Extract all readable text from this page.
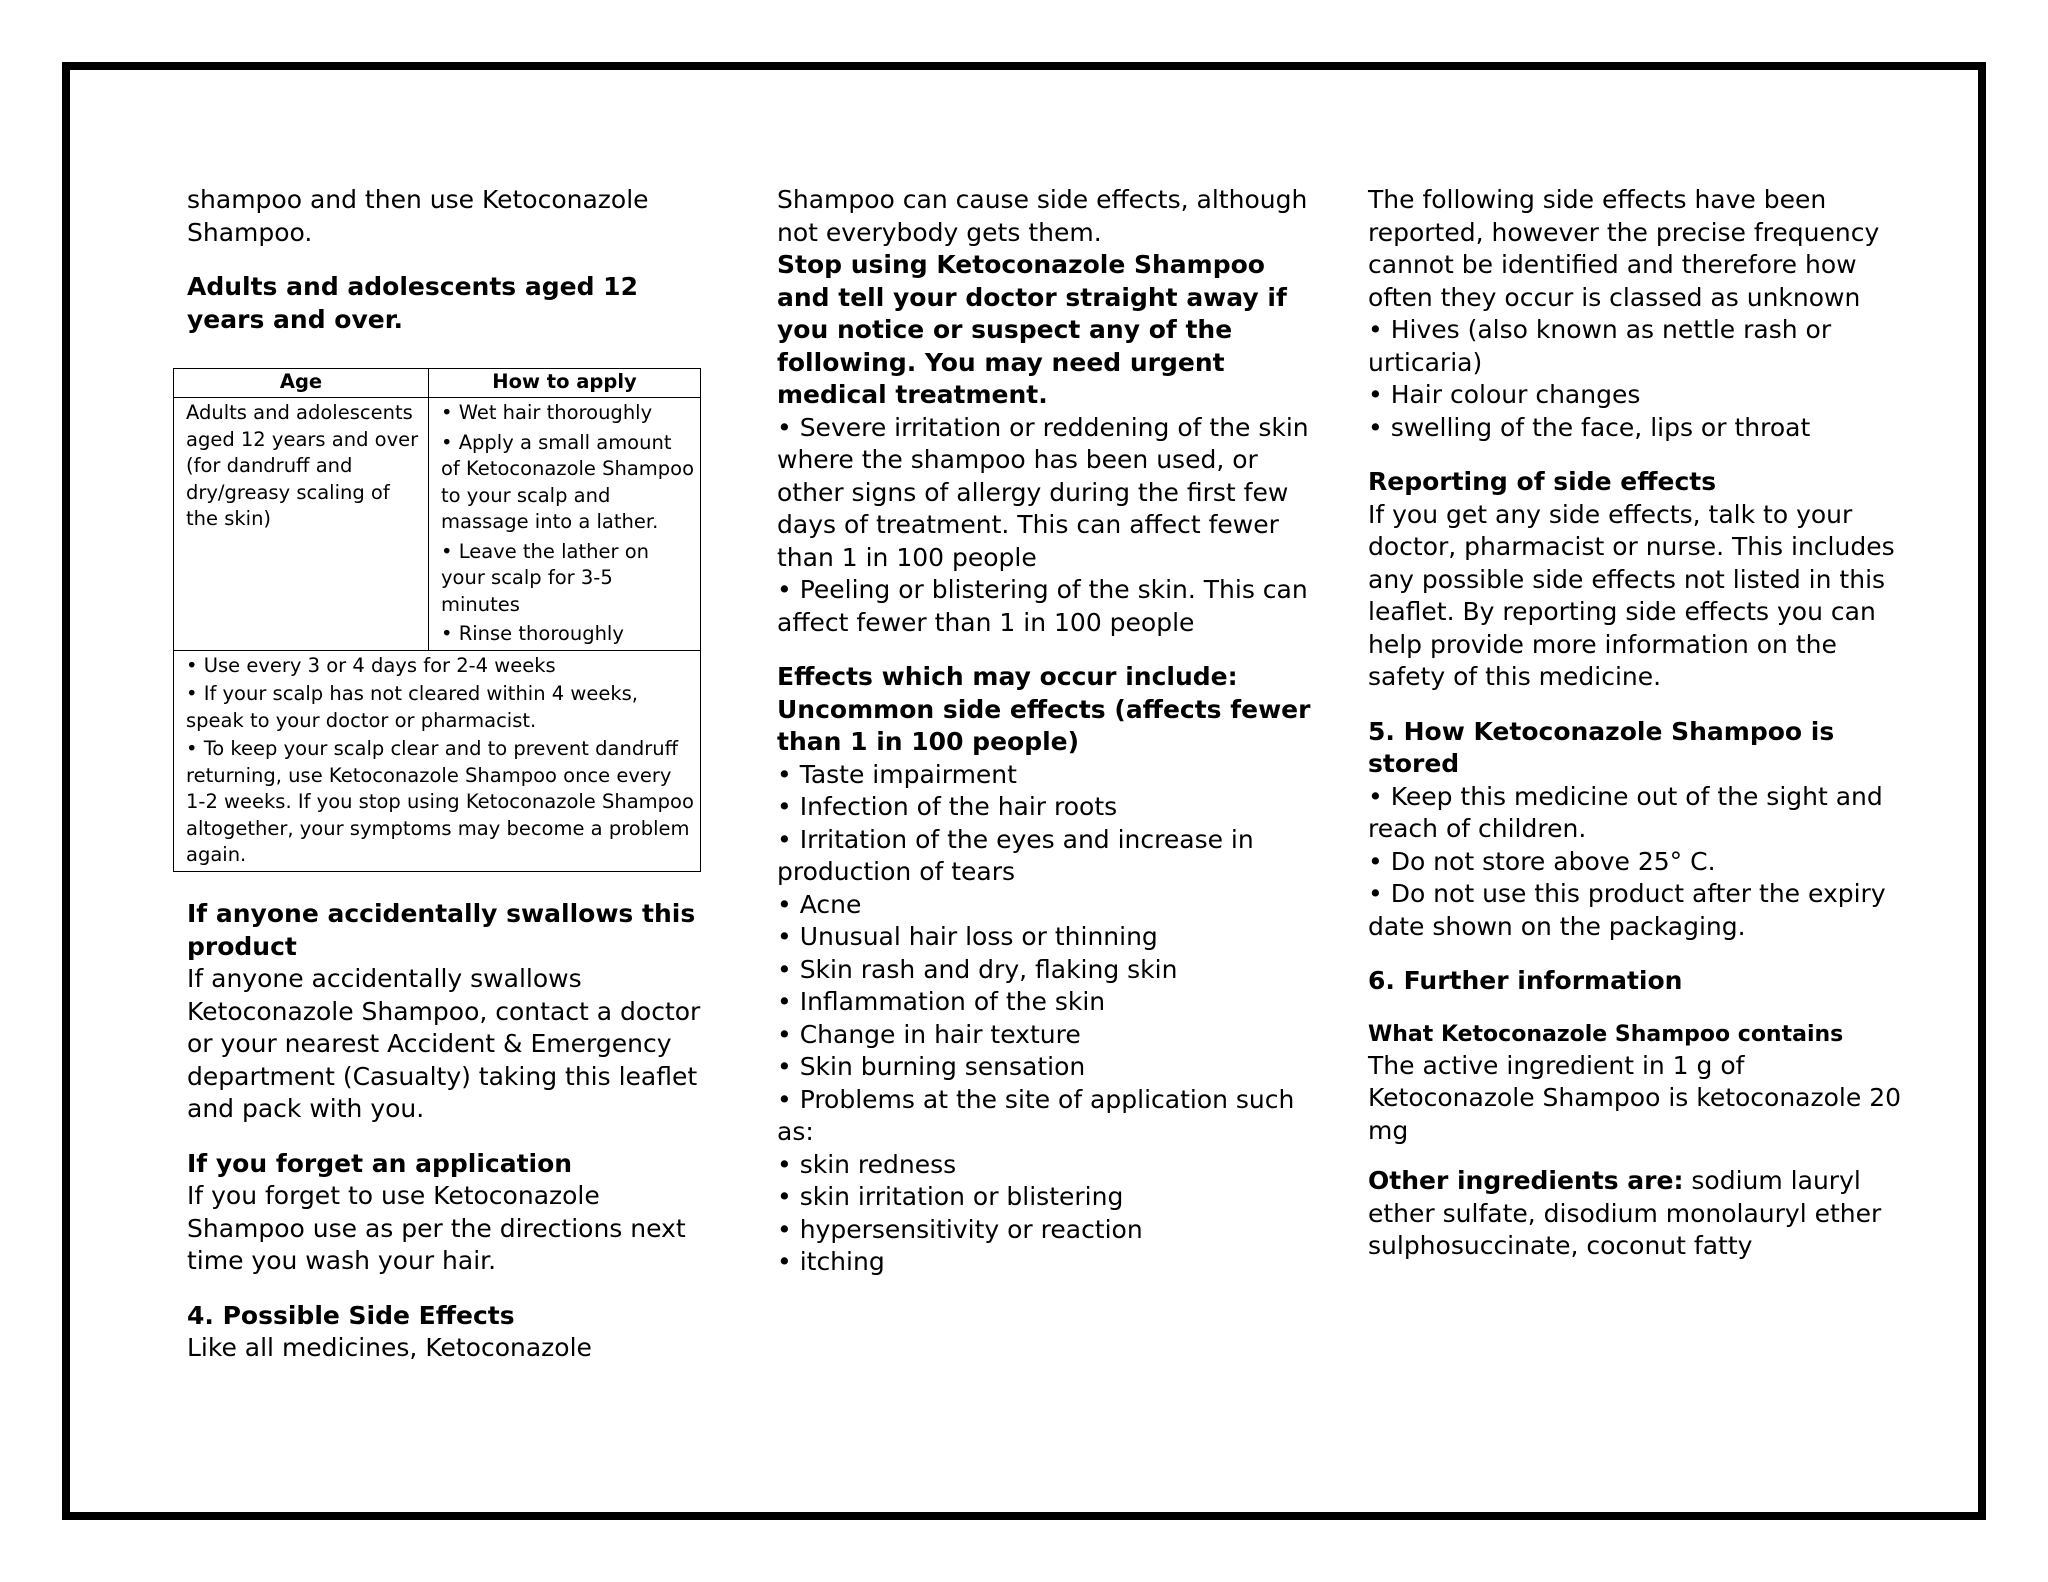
shampoo and then use Ketoconazole Shampoo.

Adults and adolescents aged 12 years and over.

Age	How to apply
Adults and adolescents aged 12 years and over (for dandruff and dry/greasy scaling of the skin)	• Wet hair thoroughly
• Apply a small amount of Ketoconazole Shampoo to your scalp and massage into a lather.
• Leave the lather on your scalp for 3-5 minutes
• Rinse thoroughly

• Use every 3 or 4 days for 2-4 weeks
• If your scalp has not cleared within 4 weeks, speak to your doctor or pharmacist.
• To keep your scalp clear and to prevent dandruff returning, use Ketoconazole Shampoo once every 1-2 weeks. If you stop using Ketoconazole Shampoo altogether, your symptoms may become a problem again.	

If anyone accidentally swallows this product

If anyone accidentally swallows Ketoconazole Shampoo, contact a doctor or your nearest Accident & Emergency department (Casualty) taking this leaflet and pack with you.

If you forget an application

If you forget to use Ketoconazole Shampoo use as per the directions next time you wash your hair.

4. Possible Side Effects

Like all medicines, Ketoconazole

Shampoo can cause side effects, although not everybody gets them.

Stop using Ketoconazole Shampoo and tell your doctor straight away if you notice or suspect any of the following. You may need urgent medical treatment.

• Severe irritation or reddening of the skin where the shampoo has been used, or other signs of allergy during the first few days of treatment. This can affect fewer than 1 in 100 people

• Peeling or blistering of the skin. This can affect fewer than 1 in 100 people

Effects which may occur include:

Uncommon side effects (affects fewer than 1 in 100 people)

• Taste impairment

• Infection of the hair roots

• Irritation of the eyes and increase in production of tears

• Acne

• Unusual hair loss or thinning

• Skin rash and dry, flaking skin

• Inflammation of the skin

• Change in hair texture

• Skin burning sensation

• Problems at the site of application such as:

• skin redness

• skin irritation or blistering

• hypersensitivity or reaction

• itching

The following side effects have been reported, however the precise frequency cannot be identified and therefore how often they occur is classed as unknown

• Hives (also known as nettle rash or urticaria)

• Hair colour changes

• swelling of the face, lips or throat

Reporting of side effects

If you get any side effects, talk to your doctor, pharmacist or nurse. This includes any possible side effects not listed in this leaflet. By reporting side effects you can help provide more information on the safety of this medicine.

5. How Ketoconazole Shampoo is stored

• Keep this medicine out of the sight and reach of children.

• Do not store above 25° C.

• Do not use this product after the expiry date shown on the packaging.

6. Further information

What Ketoconazole Shampoo contains

The active ingredient in 1 g of Ketoconazole Shampoo is ketoconazole 20 mg

Other ingredients are: sodium lauryl ether sulfate, disodium monolauryl ether sulphosuccinate, coconut fatty
